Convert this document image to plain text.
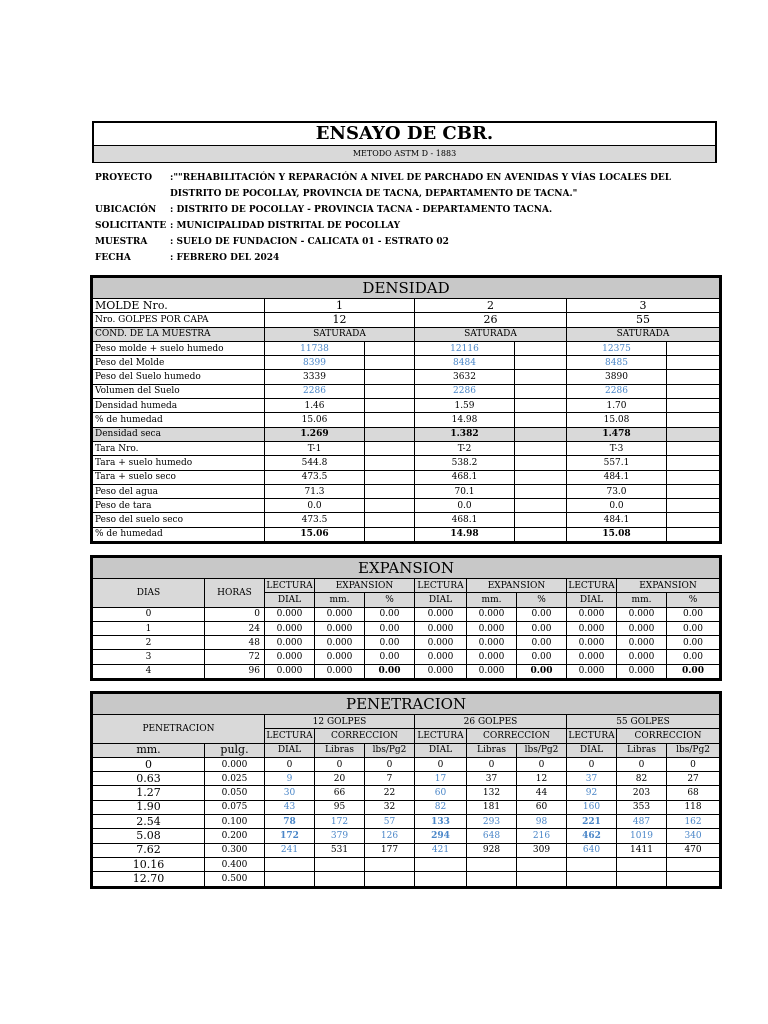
ENSAYO DE CBR.
METODO ASTM D - 1883
PROYECTO :""REHABILITACIÓN Y REPARACIÓN A NIVEL DE PARCHADO EN AVENIDAS Y VÍAS LOCALES DEL
DISTRITO DE POCOLLAY, PROVINCIA DE TACNA, DEPARTAMENTO DE TACNA."
UBICACIÓN : DISTRITO DE POCOLLAY - PROVINCIA TACNA - DEPARTAMENTO TACNA.
SOLICITANTE : MUNICIPALIDAD DISTRITAL DE POCOLLAY
MUESTRA	: SUELO DE FUNDACION - CALICATA 01 - ESTRATO 02
FECHA	: FEBRERO DEL 2024
DENSIDAD						
MOLDE Nro.	1		2		3	
Nro. GOLPES POR CAPA	12		26		55	
COND. DE LA MUESTRA	SATURADA		SATURADA		SATURADA	
Peso molde + suelo humedo	11738		12116		12375	
Peso del Molde	8399		8484		8485	
Peso del Suelo humedo	3339		3632		3890	
Volumen del Suelo	2286		2286		2286	
Densidad humeda	1.46		1.59		1.70	
% de humedad	15.06		14.98		15.08	
Densidad seca	1.269		1.382		1.478	
Tara Nro.	T-1		T-2		T-3	
Tara + suelo humedo	544.8		538.2		557.1	
Tara + suelo seco	473.5		468.1		484.1	
Peso del agua	71.3		70.1		73.0	
Peso de tara	0.0		0.0		0.0	
Peso del suelo seco	473.5		468.1		484.1	
% de humedad	15.06		14.98		15.08	
EXPANSION										
DIAS	HORAS	LECTURA	EXPANSION		LECTURA	EXPANSION		LECTURA	EXPANSION	
		DIAL	mm.	%	DIAL	mm.	%	DIAL	mm.	%
0	0	0.000	0.000	0.00	0.000	0.000	0.00	0.000	0.000	0.00
1	24	0.000	0.000	0.00	0.000	0.000	0.00	0.000	0.000	0.00
2	48	0.000	0.000	0.00	0.000	0.000	0.00	0.000	0.000	0.00
3	72	0.000	0.000	0.00	0.000	0.000	0.00	0.000	0.000	0.00
4	96	0.000	0.000	0.00	0.000	0.000	0.00	0.000	0.000	0.00
PENETRACION										
PENETRACION		12 GOLPES			26 GOLPES			55 GOLPES		
		LECTURA	CORRECCION		LECTURA	CORRECCION		LECTURA	CORRECCION	
mm.	pulg.	DIAL	Libras	lbs/Pg2	DIAL	Libras	lbs/Pg2	DIAL	Libras	lbs/Pg2
0	0.000	0	0	0	0	0	0	0	0	0
0.63	0.025	9	20	7	17	37	12	37	82	27
1.27	0.050	30	66	22	60	132	44	92	203	68
1.90	0.075	43	95	32	82	181	60	160	353	118
2.54	0.100	78	172	57	133	293	98	221	487	162
5.08	0.200	172	379	126	294	648	216	462	1019	340
7.62	0.300	241	531	177	421	928	309	640	1411	470
10.16	0.400									
12.70	0.500									
